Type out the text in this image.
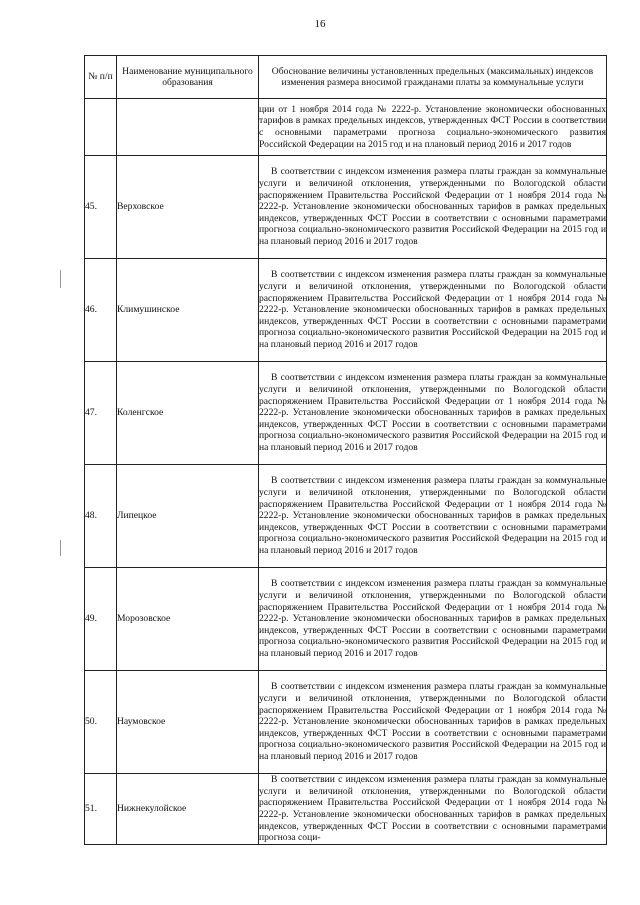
16
№ п/п	Наименование муниципального образования	Обоснование величины установленных предельных (максимальных) индексов изменения размера вносимой гражданами платы за коммунальные услуги

		ции от 1 ноября 2014 года № 2222-р. Установление экономически обоснованных тарифов в рамках предельных индексов, утвержденных ФСТ России в соответствии с основными параметрами прогноза социально-экономического развития Российской Федерации на 2015 год и на плановый период 2016 и 2017 годов

45.	Верховское	В соответствии с индексом изменения размера платы граждан за коммунальные услуги и величиной отклонения, утвержденными по Вологодской области распоряжением Правительства Российской Федерации от 1 ноября 2014 года № 2222-р. Установление экономически обоснованных тарифов в рамках предельных индексов, утвержденных ФСТ России в соответствии с основными параметрами прогноза социально-экономического развития Российской Федерации на 2015 год и на плановый период 2016 и 2017 годов

46.	Климушинское	В соответствии с индексом изменения размера платы граждан за коммунальные услуги и величиной отклонения, утвержденными по Вологодской области распоряжением Правительства Российской Федерации от 1 ноября 2014 года № 2222-р. Установление экономически обоснованных тарифов в рамках предельных индексов, утвержденных ФСТ России в соответствии с основными параметрами прогноза социально-экономического развития Российской Федерации на 2015 год и на плановый период 2016 и 2017 годов

47.	Коленгское	В соответствии с индексом изменения размера платы граждан за коммунальные услуги и величиной отклонения, утвержденными по Вологодской области распоряжением Правительства Российской Федерации от 1 ноября 2014 года № 2222-р. Установление экономически обоснованных тарифов в рамках предельных индексов, утвержденных ФСТ России в соответствии с основными параметрами прогноза социально-экономического развития Российской Федерации на 2015 год и на плановый период 2016 и 2017 годов

48.	Липецкое	В соответствии с индексом изменения размера платы граждан за коммунальные услуги и величиной отклонения, утвержденными по Вологодской области распоряжением Правительства Российской Федерации от 1 ноября 2014 года № 2222-р. Установление экономически обоснованных тарифов в рамках предельных индексов, утвержденных ФСТ России в соответствии с основными параметрами прогноза социально-экономического развития Российской Федерации на 2015 год и на плановый период 2016 и 2017 годов

49.	Морозовское	В соответствии с индексом изменения размера платы граждан за коммунальные услуги и величиной отклонения, утвержденными по Вологодской области распоряжением Правительства Российской Федерации от 1 ноября 2014 года № 2222-р. Установление экономически обоснованных тарифов в рамках предельных индексов, утвержденных ФСТ России в соответствии с основными параметрами прогноза социально-экономического развития Российской Федерации на 2015 год и на плановый период 2016 и 2017 годов

50.	Наумовское	В соответствии с индексом изменения размера платы граждан за коммунальные услуги и величиной отклонения, утвержденными по Вологодской области распоряжением Правительства Российской Федерации от 1 ноября 2014 года № 2222-р. Установление экономически обоснованных тарифов в рамках предельных индексов, утвержденных ФСТ России в соответствии с основными параметрами прогноза социально-экономического развития Российской Федерации на 2015 год и на плановый период 2016 и 2017 годов

51.	Нижнекулойское	В соответствии с индексом изменения размера платы граждан за коммунальные услуги и величиной отклонения, утвержденными по Вологодской области распоряжением Правительства Российской Федерации от 1 ноября 2014 года № 2222-р. Установление экономически обоснованных тарифов в рамках предельных индексов, утвержденных ФСТ России в соответствии с основными параметрами прогноза соци-
